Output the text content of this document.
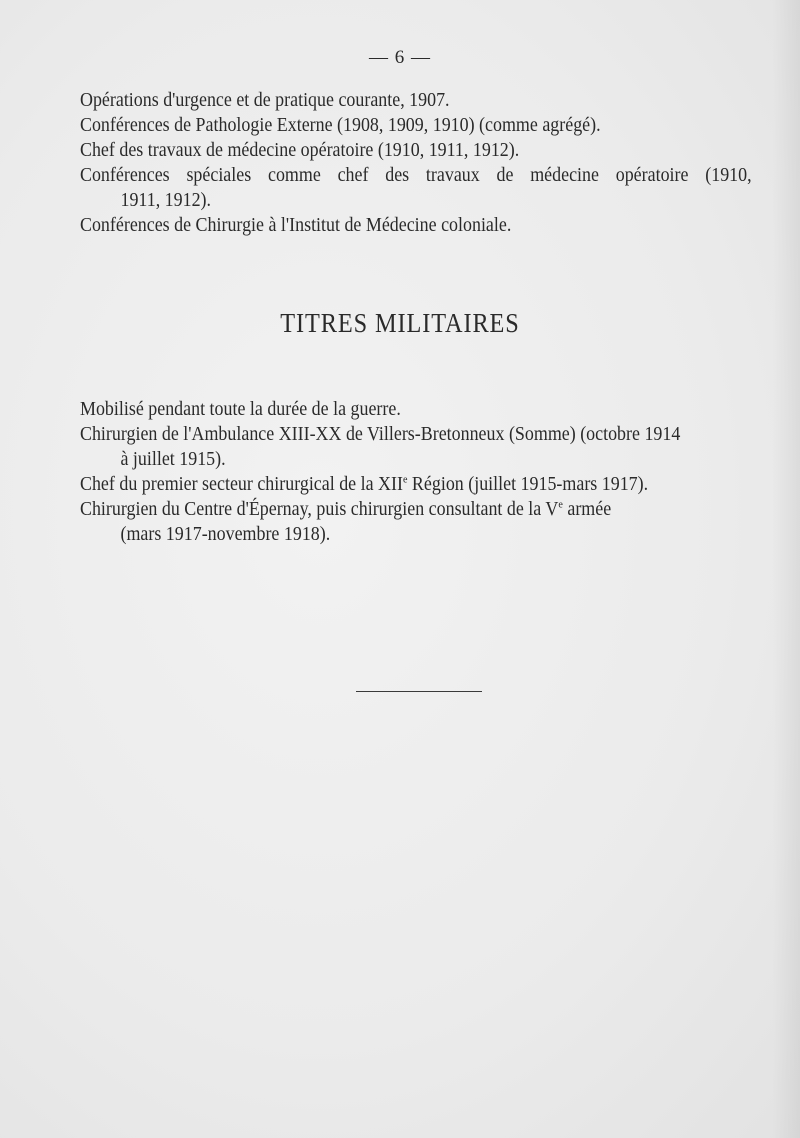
— 6 —
Opérations d'urgence et de pratique courante, 1907.
Conférences de Pathologie Externe (1908, 1909, 1910) (comme agrégé).
Chef des travaux de médecine opératoire (1910, 1911, 1912).
Conférences spéciales comme chef des travaux de médecine opératoire (1910,
1911, 1912).
Conférences de Chirurgie à l'Institut de Médecine coloniale.
TITRES MILITAIRES
Mobilisé pendant toute la durée de la guerre.
Chirurgien de l'Ambulance XIII-XX de Villers-Bretonneux (Somme) (octobre 1914
à juillet 1915).
Chef du premier secteur chirurgical de la XIIe Région (juillet 1915-mars 1917).
Chirurgien du Centre d'Épernay, puis chirurgien consultant de la Ve armée
(mars 1917-novembre 1918).
